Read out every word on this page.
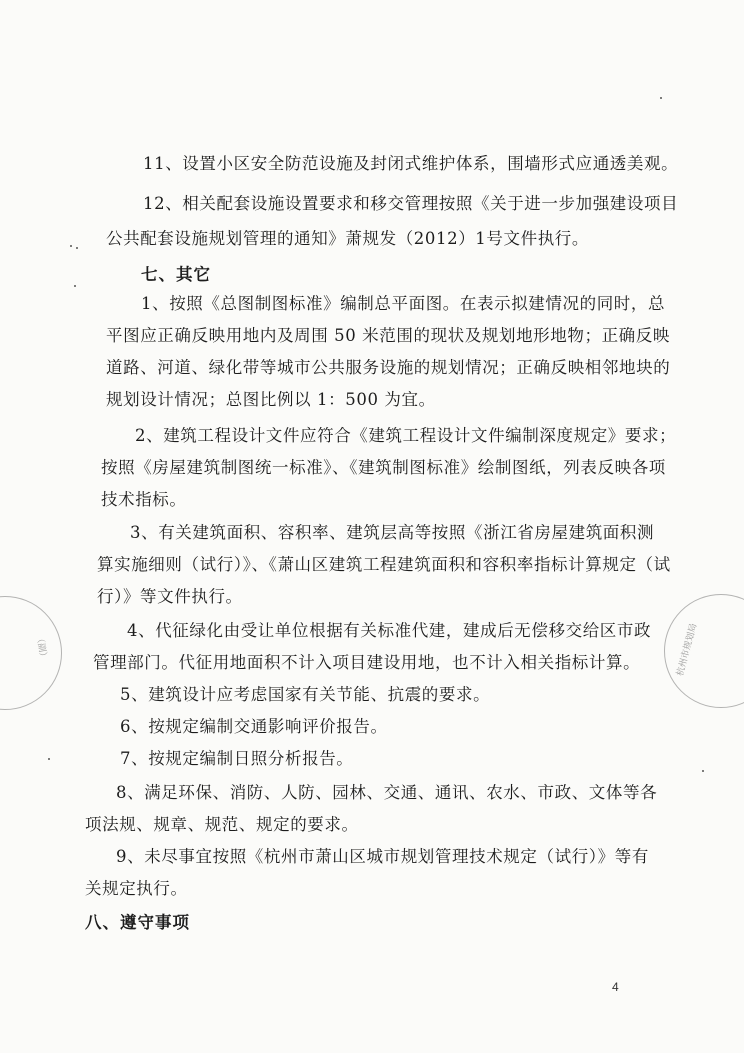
11、设置小区安全防范设施及封闭式维护体系，围墙形式应通透美观。
12、相关配套设施设置要求和移交管理按照《关于进一步加强建设项目
公共配套设施规划管理的通知》萧规发（2012）1号文件执行。
七、其它
1、按照《总图制图标准》编制总平面图。在表示拟建情况的同时，总
平图应正确反映用地内及周围 50 米范围的现状及规划地形地物；正确反映
道路、河道、绿化带等城市公共服务设施的规划情况；正确反映相邻地块的
规划设计情况；总图比例以 1：500 为宜。
2、建筑工程设计文件应符合《建筑工程设计文件编制深度规定》要求；
按照《房屋建筑制图统一标准》、《建筑制图标准》绘制图纸，列表反映各项
技术指标。
3、有关建筑面积、容积率、建筑层高等按照《浙江省房屋建筑面积测
算实施细则（试行）》、《萧山区建筑工程建筑面积和容积率指标计算规定（试
行）》等文件执行。
4、代征绿化由受让单位根据有关标准代建，建成后无偿移交给区市政
管理部门。代征用地面积不计入项目建设用地，也不计入相关指标计算。
5、建筑设计应考虑国家有关节能、抗震的要求。
6、按规定编制交通影响评价报告。
7、按规定编制日照分析报告。
8、满足环保、消防、人防、园林、交通、通讯、农水、市政、文体等各
项法规、规章、规范、规定的要求。
9、未尽事宜按照《杭州市萧山区城市规划管理技术规定（试行）》等有
关规定执行。
八、遵守事项
4
（副）	杭州市规划局
